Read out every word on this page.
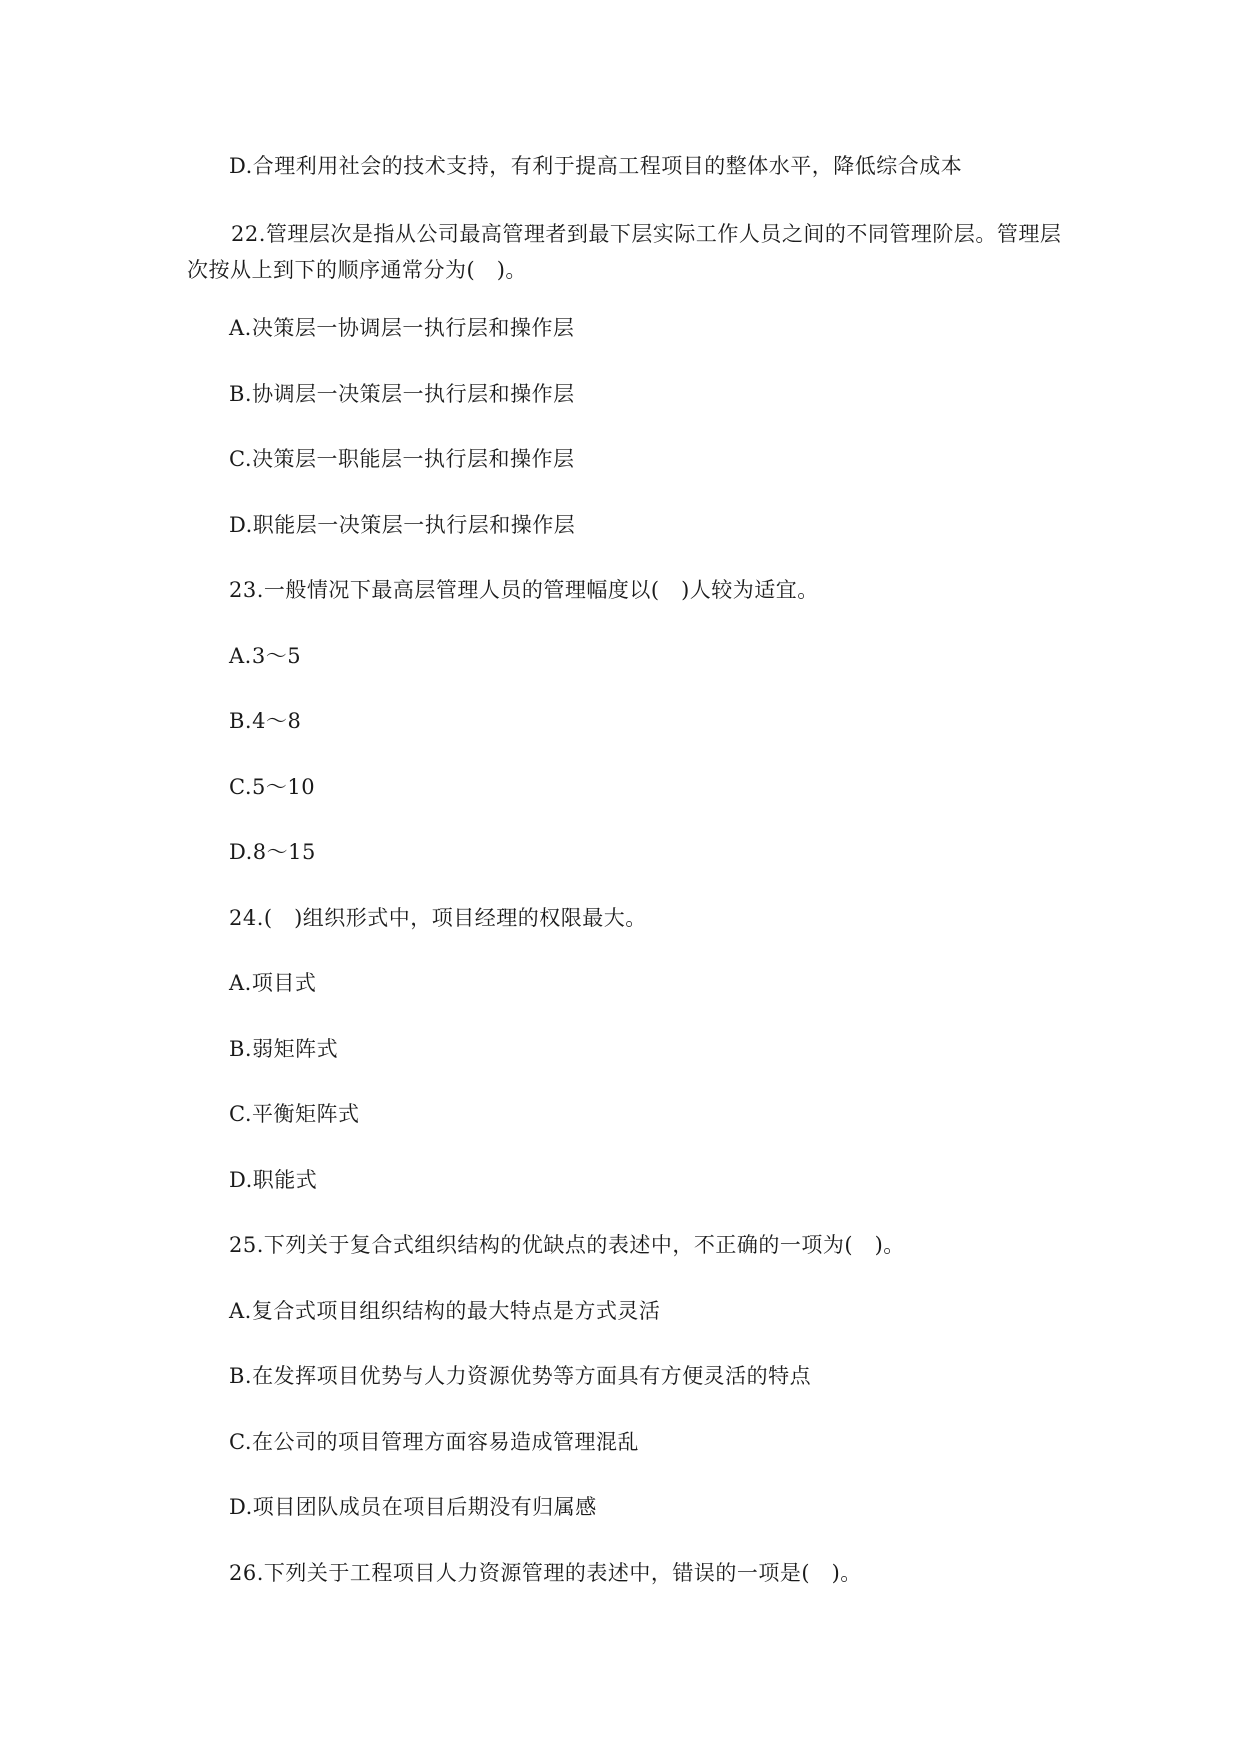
D.合理利用社会的技术支持，有利于提高工程项目的整体水平，降低综合成本
22.管理层次是指从公司最高管理者到最下层实际工作人员之间的不同管理阶层。管理层次按从上到下的顺序通常分为(　)。
A.决策层一协调层一执行层和操作层
B.协调层一决策层一执行层和操作层
C.决策层一职能层一执行层和操作层
D.职能层一决策层一执行层和操作层
23.一般情况下最高层管理人员的管理幅度以(　)人较为适宜。
A.3～5
B.4～8
C.5～10
D.8～15
24.(　)组织形式中，项目经理的权限最大。
A.项目式
B.弱矩阵式
C.平衡矩阵式
D.职能式
25.下列关于复合式组织结构的优缺点的表述中，不正确的一项为(　)。
A.复合式项目组织结构的最大特点是方式灵活
B.在发挥项目优势与人力资源优势等方面具有方便灵活的特点
C.在公司的项目管理方面容易造成管理混乱
D.项目团队成员在项目后期没有归属感
26.下列关于工程项目人力资源管理的表述中，错误的一项是(　)。
